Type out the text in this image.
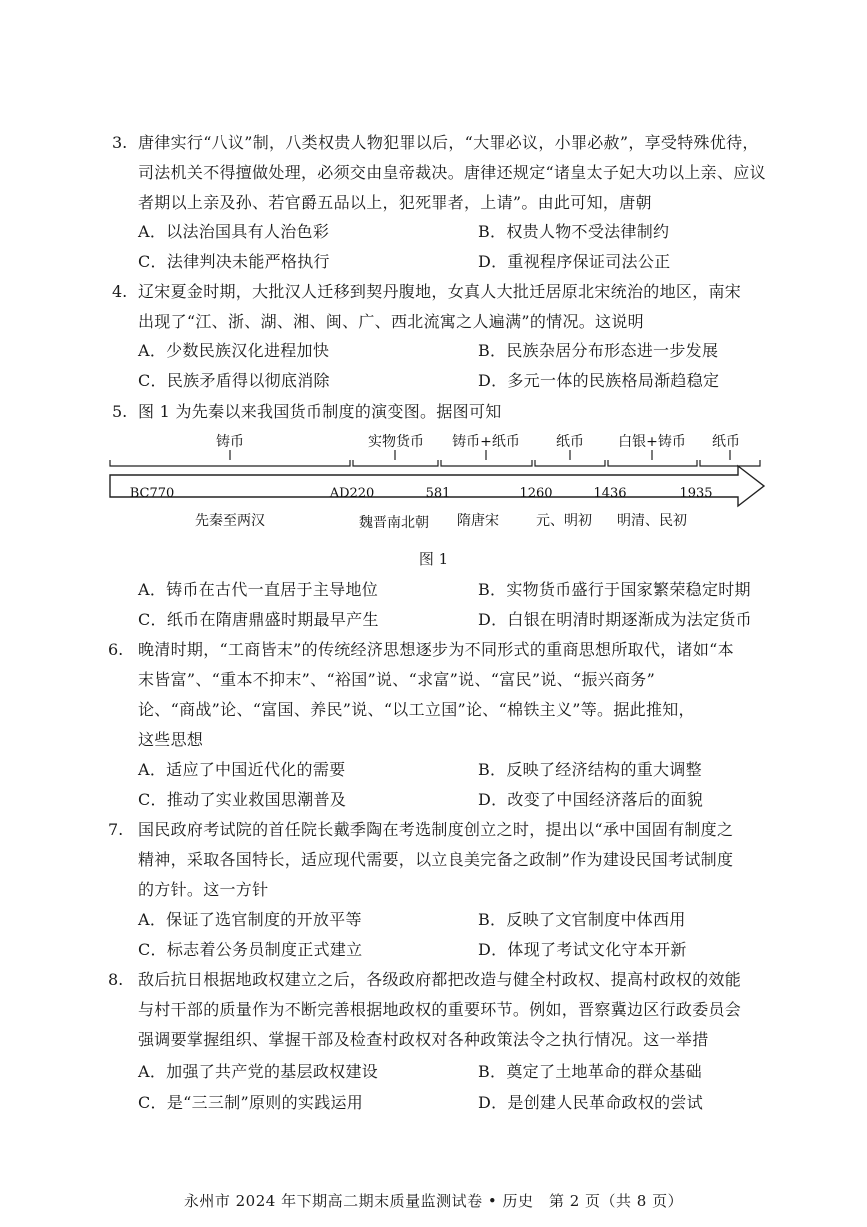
3. 唐律实行“八议”制，八类权贵人物犯罪以后，“大罪必议，小罪必赦”，享受特殊优待，
司法机关不得擅做处理，必须交由皇帝裁决。唐律还规定“诸皇太子妃大功以上亲、应议
者期以上亲及孙、若官爵五品以上，犯死罪者，上请”。由此可知，唐朝
A．以法治国具有人治色彩	B．权贵人物不受法律制约
C．法律判决未能严格执行	D．重视程序保证司法公正
4. 辽宋夏金时期，大批汉人迁移到契丹腹地，女真人大批迁居原北宋统治的地区，南宋
出现了“江、浙、湖、湘、闽、广、西北流寓之人遍满”的情况。这说明
A．少数民族汉化进程加快	B．民族杂居分布形态进一步发展
C．民族矛盾得以彻底消除	D．多元一体的民族格局渐趋稳定
5. 图 1 为先秦以来我国货币制度的演变图。据图可知
铸币	实物货币 铸币+纸币	纸币 白银+铸币 纸币
BC770	AD220	581	1260	1436	1935
先秦至两汉	魏晋南北朝 隋唐宋	元、明初 明清、民初
图 1
A．铸币在古代一直居于主导地位	B．实物货币盛行于国家繁荣稳定时期
C．纸币在隋唐鼎盛时期最早产生	D．白银在明清时期逐渐成为法定货币
6. 晚清时期，“工商皆末”的传统经济思想逐步为不同形式的重商思想所取代，诸如“本
末皆富”、“重本不抑末”、“裕国”说、“求富”说、“富民”说、“振兴商务”
论、“商战”论、“富国、养民”说、“以工立国”论、“棉铁主义”等。据此推知，
这些思想
A．适应了中国近代化的需要	B．反映了经济结构的重大调整
C．推动了实业救国思潮普及	D．改变了中国经济落后的面貌
7. 国民政府考试院的首任院长戴季陶在考选制度创立之时，提出以“承中国固有制度之
精神，采取各国特长，适应现代需要，以立良美完备之政制”作为建设民国考试制度
的方针。这一方针
A．保证了选官制度的开放平等	B．反映了文官制度中体西用
C．标志着公务员制度正式建立	D．体现了考试文化守本开新
8. 敌后抗日根据地政权建立之后，各级政府都把改造与健全村政权、提高村政权的效能
与村干部的质量作为不断完善根据地政权的重要环节。例如，晋察冀边区行政委员会
强调要掌握组织、掌握干部及检查村政权对各种政策法令之执行情况。这一举措
A．加强了共产党的基层政权建设	B．奠定了土地革命的群众基础
C．是“三三制”原则的实践运用	D．是创建人民革命政权的尝试
永州市 2024 年下期高二期末质量监测试卷 • 历史　第 2 页（共 8 页）
